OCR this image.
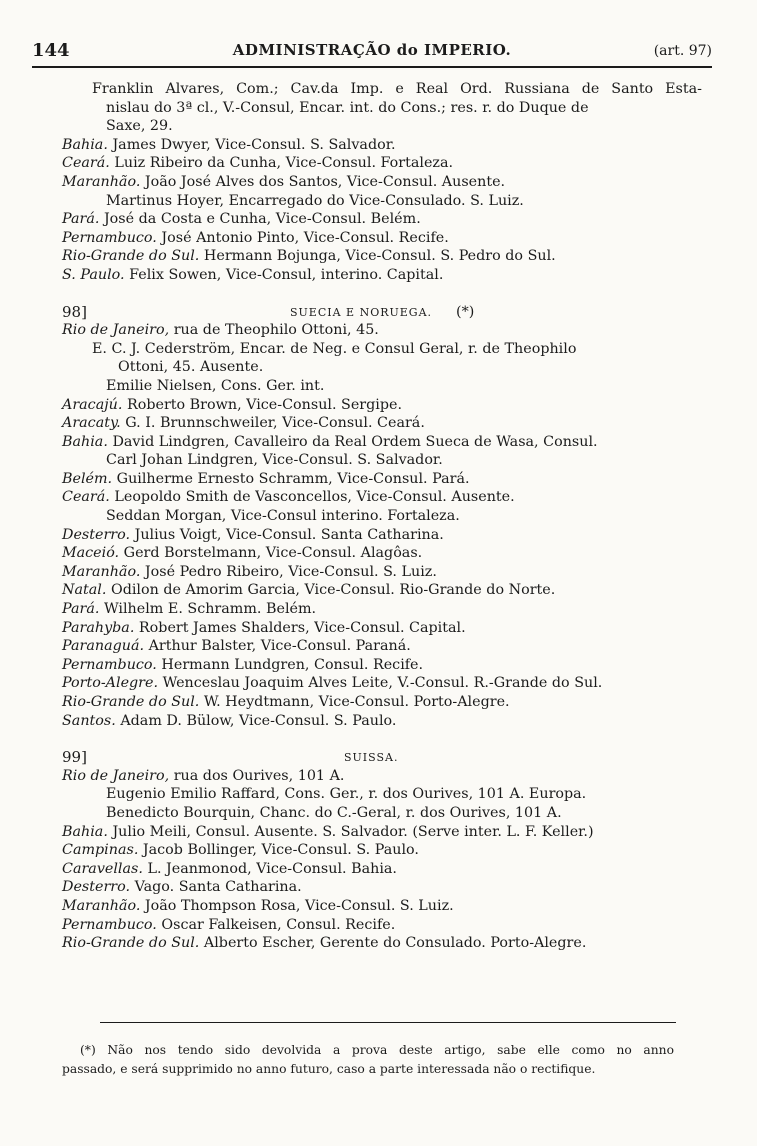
144	ADMINISTRAÇÃO do IMPERIO.	(art. 97)
Franklin Alvares, Com.; Cav.da Imp. e Real Ord. Russiana de Santo Esta-
nislau do 3ª cl., V.-Consul, Encar. int. do Cons.; res. r. do Duque de
Saxe, 29.
Bahia. James Dwyer, Vice-Consul. S. Salvador.
Ceará. Luiz Ribeiro da Cunha, Vice-Consul. Fortaleza.
Maranhão. João José Alves dos Santos, Vice-Consul. Ausente.
Martinus Hoyer, Encarregado do Vice-Consulado. S. Luiz.
Pará. José da Costa e Cunha, Vice-Consul. Belém.
Pernambuco. José Antonio Pinto, Vice-Consul. Recife.
Rio-Grande do Sul. Hermann Bojunga, Vice-Consul. S. Pedro do Sul.
S. Paulo. Felix Sowen, Vice-Consul, interino. Capital.
98]	SUECIA E NORUEGA. (*)
Rio de Janeiro, rua de Theophilo Ottoni, 45.
E. C. J. Cederström, Encar. de Neg. e Consul Geral, r. de Theophilo
Ottoni, 45. Ausente.
Emilie Nielsen, Cons. Ger. int.
Aracajú. Roberto Brown, Vice-Consul. Sergipe.
Aracaty. G. I. Brunnschweiler, Vice-Consul. Ceará.
Bahia. David Lindgren, Cavalleiro da Real Ordem Sueca de Wasa, Consul.
Carl Johan Lindgren, Vice-Consul. S. Salvador.
Belém. Guilherme Ernesto Schramm, Vice-Consul. Pará.
Ceará. Leopoldo Smith de Vasconcellos, Vice-Consul. Ausente.
Seddan Morgan, Vice-Consul interino. Fortaleza.
Desterro. Julius Voigt, Vice-Consul. Santa Catharina.
Maceió. Gerd Borstelmann, Vice-Consul. Alagôas.
Maranhão. José Pedro Ribeiro, Vice-Consul. S. Luiz.
Natal. Odilon de Amorim Garcia, Vice-Consul. Rio-Grande do Norte.
Pará. Wilhelm E. Schramm. Belém.
Parahyba. Robert James Shalders, Vice-Consul. Capital.
Paranaguá. Arthur Balster, Vice-Consul. Paraná.
Pernambuco. Hermann Lundgren, Consul. Recife.
Porto-Alegre. Wenceslau Joaquim Alves Leite, V.-Consul. R.-Grande do Sul.
Rio-Grande do Sul. W. Heydtmann, Vice-Consul. Porto-Alegre.
Santos. Adam D. Bülow, Vice-Consul. S. Paulo.
99]	SUISSA.
Rio de Janeiro, rua dos Ourives, 101 A.
Eugenio Emilio Raffard, Cons. Ger., r. dos Ourives, 101 A. Europa.
Benedicto Bourquin, Chanc. do C.-Geral, r. dos Ourives, 101 A.
Bahia. Julio Meili, Consul. Ausente. S. Salvador. (Serve inter. L. F. Keller.)
Campinas. Jacob Bollinger, Vice-Consul. S. Paulo.
Caravellas. L. Jeanmonod, Vice-Consul. Bahia.
Desterro. Vago. Santa Catharina.
Maranhão. João Thompson Rosa, Vice-Consul. S. Luiz.
Pernambuco. Oscar Falkeisen, Consul. Recife.
Rio-Grande do Sul. Alberto Escher, Gerente do Consulado. Porto-Alegre.
(*) Não nos tendo sido devolvida a prova deste artigo, sabe elle como no anno
passado, e será supprimido no anno futuro, caso a parte interessada não o rectifique.
